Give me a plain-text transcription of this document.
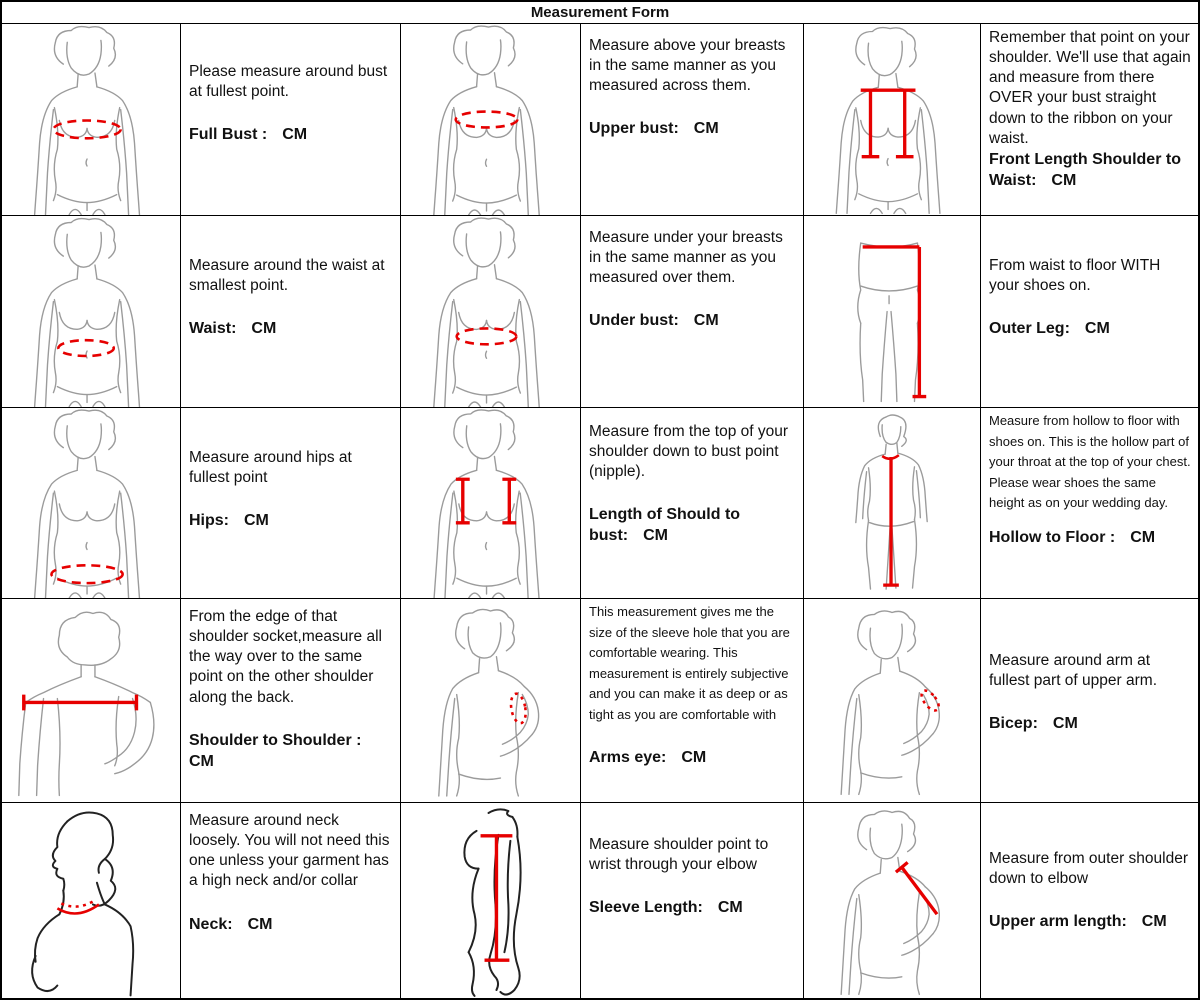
Measurement Form

Please measure around bust at fullest point.

Full Bust : CM

Measure above your breasts in the same manner as you measured across them.

Upper bust: CM

Remember that point on your shoulder. We'll use that again and measure from there OVER your bust straight down to the ribbon on your waist.

Front Length Shoulder to Waist: CM

Measure around the waist at smallest point.

Waist: CM

Measure under your breasts in the same manner as you measured over them.

Under bust: CM

From waist to floor WITH your shoes on.

Outer Leg: CM

Measure around hips at fullest point

Hips: CM

Measure from the top of your shoulder down to bust point (nipple).

Length of Should to bust: CM

Measure from hollow to floor with shoes on. This is the hollow part of your throat at the top of your chest. Please wear shoes the same height as on your wedding day.

Hollow to Floor : CM

From the edge of that shoulder socket,measure all the way over to the same point on the other shoulder along the back.

Shoulder to Shoulder :
CM

This measurement gives me the size of the sleeve hole that you are comfortable wearing. This measurement is entirely subjective and you can make it as deep or as tight as you are comfortable with

Arms eye: CM

Measure around arm at fullest part of upper arm.

Bicep: CM

Measure around neck loosely. You will not need this one unless your garment has a high neck and/or collar

Neck: CM

Measure shoulder point to wrist through your elbow

Sleeve Length: CM

Measure from outer shoulder down to elbow

Upper arm length: CM
